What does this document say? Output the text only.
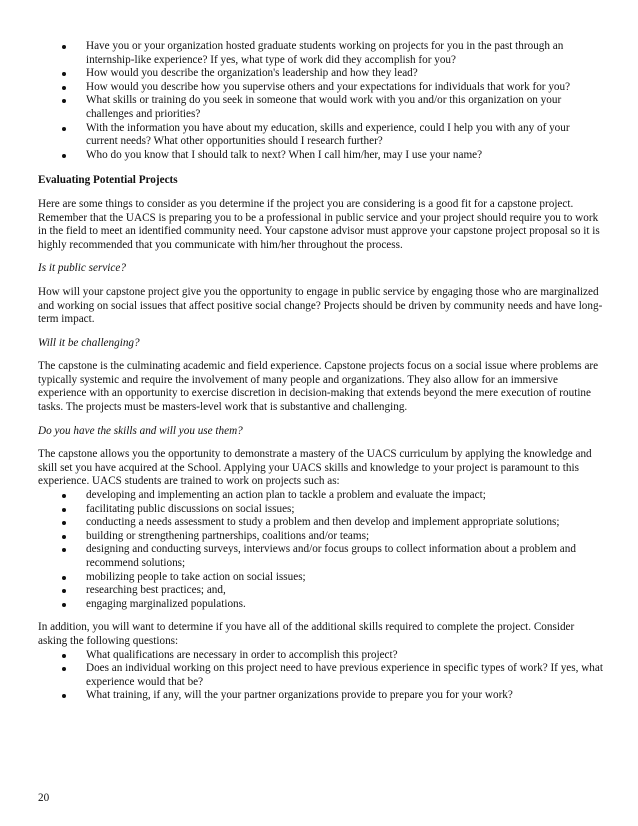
Have you or your organization hosted graduate students working on projects for you in the past through an internship-like experience? If yes, what type of work did they accomplish for you?
How would you describe the organization's leadership and how they lead?
How would you describe how you supervise others and your expectations for individuals that work for you?
What skills or training do you seek in someone that would work with you and/or this organization on your challenges and priorities?
With the information you have about my education, skills and experience, could I help you with any of your current needs? What other opportunities should I research further?
Who do you know that I should talk to next? When I call him/her, may I use your name?

Evaluating Potential Projects

Here are some things to consider as you determine if the project you are considering is a good fit for a capstone project. Remember that the UACS is preparing you to be a professional in public service and your project should require you to work in the field to meet an identified community need. Your capstone advisor must approve your capstone project proposal so it is highly recommended that you communicate with him/her throughout the process.

Is it public service?

How will your capstone project give you the opportunity to engage in public service by engaging those who are marginalized and working on social issues that affect positive social change? Projects should be driven by community needs and have long-term impact.

Will it be challenging?

The capstone is the culminating academic and field experience. Capstone projects focus on a social issue where problems are typically systemic and require the involvement of many people and organizations. They also allow for an immersive experience with an opportunity to exercise discretion in decision-making that extends beyond the mere execution of routine tasks. The projects must be masters-level work that is substantive and challenging.

Do you have the skills and will you use them?

The capstone allows you the opportunity to demonstrate a mastery of the UACS curriculum by applying the knowledge and skill set you have acquired at the School. Applying your UACS skills and knowledge to your project is paramount to this experience. UACS students are trained to work on projects such as:

developing and implementing an action plan to tackle a problem and evaluate the impact;
facilitating public discussions on social issues;
conducting a needs assessment to study a problem and then develop and implement appropriate solutions;
building or strengthening partnerships, coalitions and/or teams;
designing and conducting surveys, interviews and/or focus groups to collect information about a problem and recommend solutions;
mobilizing people to take action on social issues;
researching best practices; and,
engaging marginalized populations.

In addition, you will want to determine if you have all of the additional skills required to complete the project. Consider asking the following questions:

What qualifications are necessary in order to accomplish this project?
Does an individual working on this project need to have previous experience in specific types of work? If yes, what experience would that be?
What training, if any, will the your partner organizations provide to prepare you for your work?
20
